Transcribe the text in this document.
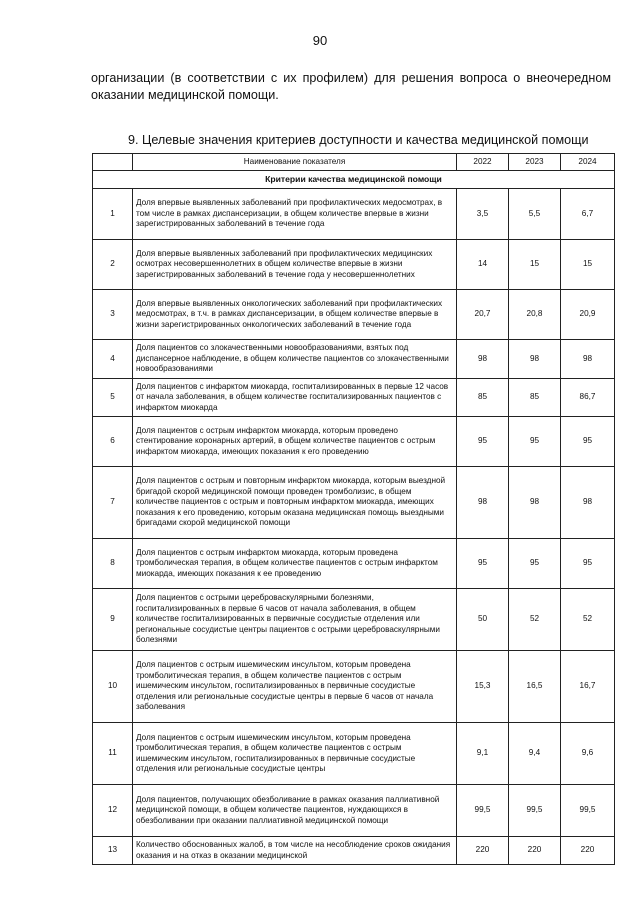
90
организации (в соответствии с их профилем) для решения вопроса о внеочередном оказании медицинской помощи.
9. Целевые значения критериев доступности и качества медицинской помощи
	Наименование показателя	2022	2023	2024
Критерии качества медицинской помощи				
1	Доля впервые выявленных заболеваний при профилактических медосмотрах, в том числе в рамках диспансеризации, в общем количестве впервые в жизни зарегистрированных заболеваний в течение года	3,5	5,5	6,7
2	Доля впервые выявленных заболеваний при профилактических медицинских осмотрах несовершеннолетних в общем количестве впервые в жизни зарегистрированных заболеваний в течение года у несовершеннолетних	14	15	15
3	Доля впервые выявленных онкологических заболеваний при профилактических медосмотрах, в т.ч. в рамках диспансеризации, в общем количестве впервые в жизни зарегистрированных онкологических заболеваний в течение года	20,7	20,8	20,9
4	Доля пациентов со злокачественными новообразованиями, взятых под диспансерное наблюдение, в общем количестве пациентов со злокачественными новообразованиями	98	98	98
5	Доля пациентов с инфарктом миокарда, госпитализированных в первые 12 часов от начала заболевания, в общем количестве госпитализированных пациентов с инфарктом миокарда	85	85	86,7
6	Доля пациентов с острым инфарктом миокарда, которым проведено стентирование коронарных артерий, в общем количестве пациентов с острым инфарктом миокарда, имеющих показания к его проведению	95	95	95
7	Доля пациентов с острым и повторным инфарктом миокарда, которым выездной бригадой скорой медицинской помощи проведен тромболизис, в общем количестве пациентов с острым и повторным инфарктом миокарда, имеющих показания к его проведению, которым оказана медицинская помощь выездными бригадами скорой медицинской помощи	98	98	98
8	Доля пациентов с острым инфарктом миокарда, которым проведена тромболическая терапия, в общем количестве пациентов с острым инфарктом миокарда, имеющих показания к ее проведению	95	95	95
9	Доля пациентов с острыми цереброваскулярными болезнями, госпитализированных в первые 6 часов от начала заболевания, в общем количестве госпитализированных в первичные сосудистые отделения или региональные сосудистые центры пациентов с острыми цереброваскулярными болезнями	50	52	52
10	Доля пациентов с острым ишемическим инсультом, которым проведена тромболитическая терапия, в общем количестве пациентов с острым ишемическим инсультом, госпитализированных в первичные сосудистые отделения или региональные сосудистые центры в первые 6 часов от начала заболевания	15,3	16,5	16,7
11	Доля пациентов с острым ишемическим инсультом, которым проведена тромболитическая терапия, в общем количестве пациентов с острым ишемическим инсультом, госпитализированных в первичные сосудистые отделения или региональные сосудистые центры	9,1	9,4	9,6
12	Доля пациентов, получающих обезболивание в рамках оказания паллиативной медицинской помощи, в общем количестве пациентов, нуждающихся в обезболивании при оказании паллиативной медицинской помощи	99,5	99,5	99,5
13	Количество обоснованных жалоб, в том числе на несоблюдение сроков ожидания оказания и на отказ в оказании медицинской	220	220	220
